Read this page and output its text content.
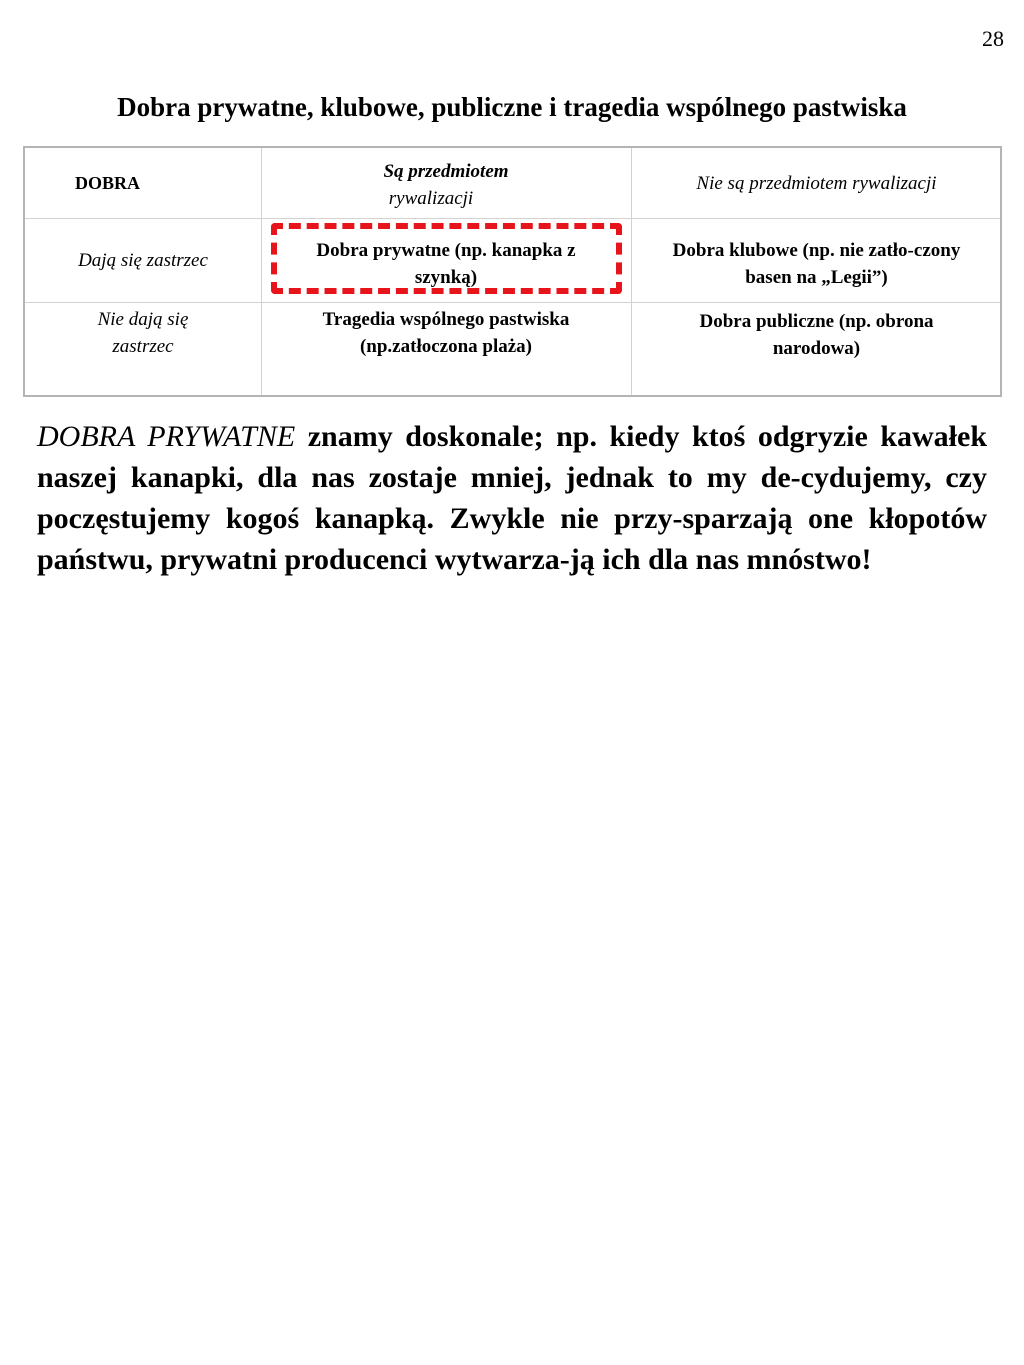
28
Dobra prywatne, klubowe, publiczne i tragedia wspólnego pastwiska
DOBRA
Są przedmiotem
rywalizacji
Nie są przedmiotem rywalizacji
Dają się zastrzec
Nie dają się zastrzec
Dobra prywatne (np. kanapka z szynką)
Dobra klubowe (np. nie zatło-czony basen na „Legii”)
Tragedia wspólnego pastwiska (np.zatłoczona plaża)
Dobra publiczne (np. obrona narodowa)
DOBRA PRYWATNE znamy doskonale; np. kiedy ktoś odgryzie kawałek naszej kanapki, dla nas zostaje mniej, jednak to my de-cydujemy, czy poczęstujemy kogoś kanapką. Zwykle nie przy-sparzają one kłopotów państwu, prywatni producenci wytwarza-ją ich dla nas mnóstwo!
